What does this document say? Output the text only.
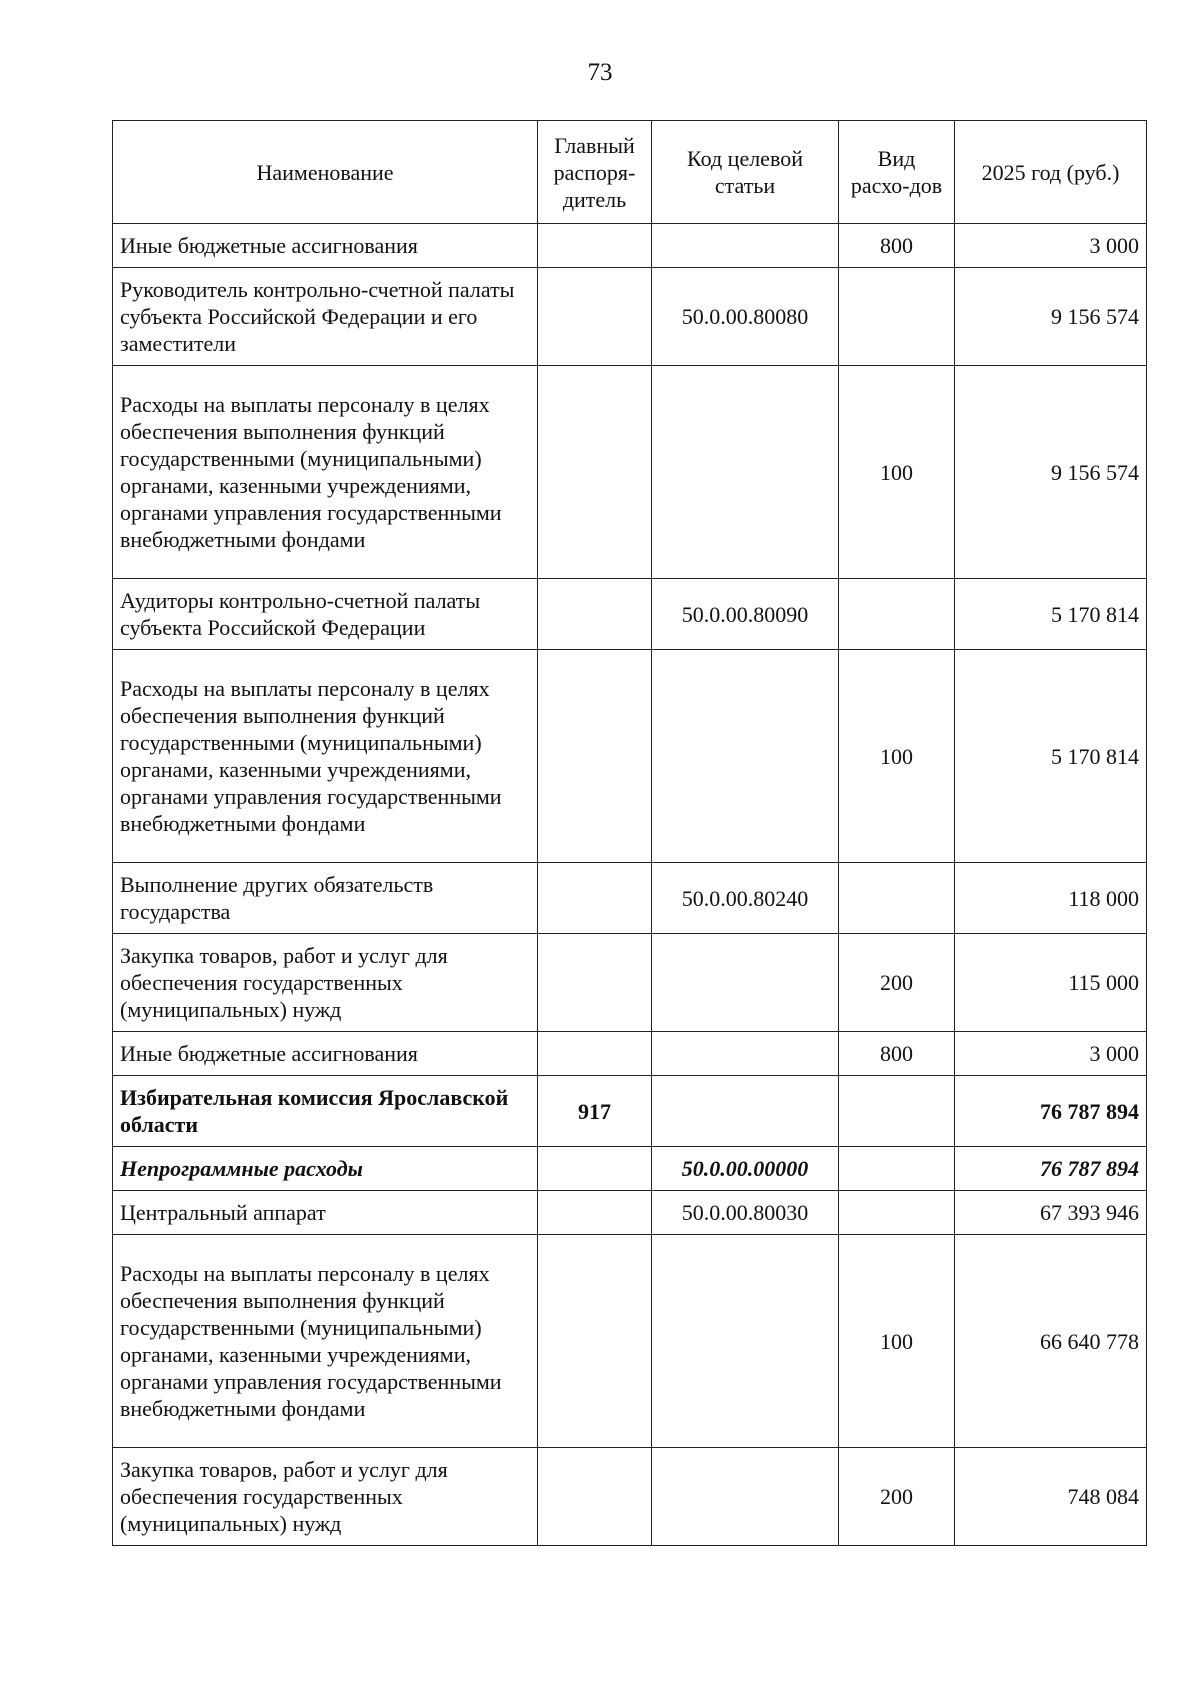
73
Наименование	Главный распоря-дитель	Код целевой статьи	Вид расхо-дов	2025 год (руб.)
Иные бюджетные ассигнования			800	3 000
Руководитель контрольно-счетной палаты субъекта Российской Федерации и его заместители		50.0.00.80080		9 156 574
Расходы на выплаты персоналу в целях обеспечения выполнения функций государственными (муниципальными) органами, казенными учреждениями, органами управления государственными внебюджетными фондами			100	9 156 574
Аудиторы контрольно-счетной палаты субъекта Российской Федерации		50.0.00.80090		5 170 814
Расходы на выплаты персоналу в целях обеспечения выполнения функций государственными (муниципальными) органами, казенными учреждениями, органами управления государственными внебюджетными фондами			100	5 170 814
Выполнение других обязательств государства		50.0.00.80240		118 000
Закупка товаров, работ и услуг для обеспечения государственных (муниципальных) нужд			200	115 000
Иные бюджетные ассигнования			800	3 000
Избирательная комиссия Ярославской области	917			76 787 894
Непрограммные расходы		50.0.00.00000		76 787 894
Центральный аппарат		50.0.00.80030		67 393 946
Расходы на выплаты персоналу в целях обеспечения выполнения функций государственными (муниципальными) органами, казенными учреждениями, органами управления государственными внебюджетными фондами			100	66 640 778
Закупка товаров, работ и услуг для обеспечения государственных (муниципальных) нужд			200	748 084
